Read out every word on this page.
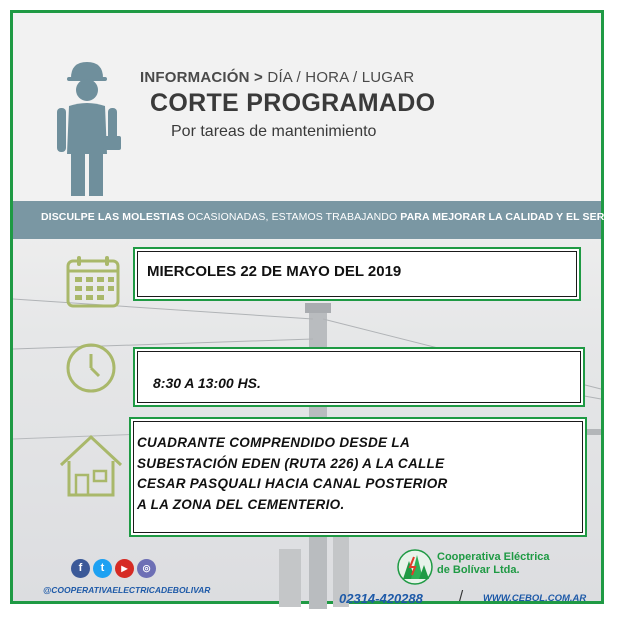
INFORMACIÓN > DÍA / HORA / LUGAR
CORTE PROGRAMADO
Por tareas de mantenimiento
DISCULPE LAS MOLESTIAS OCASIONADAS, ESTAMOS TRABAJANDO PARA MEJORAR LA CALIDAD Y EL SERVICIO.
MIERCOLES 22 DE MAYO DEL 2019
8:30 A 13:00 HS.
CUADRANTE COMPRENDIDO DESDE LA
SUBESTACIÓN EDEN (RUTA 226) A LA CALLE
CESAR PASQUALI HACIA CANAL POSTERIOR
A LA ZONA DEL CEMENTERIO.
f	t	▶	◎
@COOPERATIVAELECTRICADEBOLIVAR
Cooperativa Eléctrica
de Bolívar Ltda.
02314-420288 / WWW.CEBOL.COM.AR
